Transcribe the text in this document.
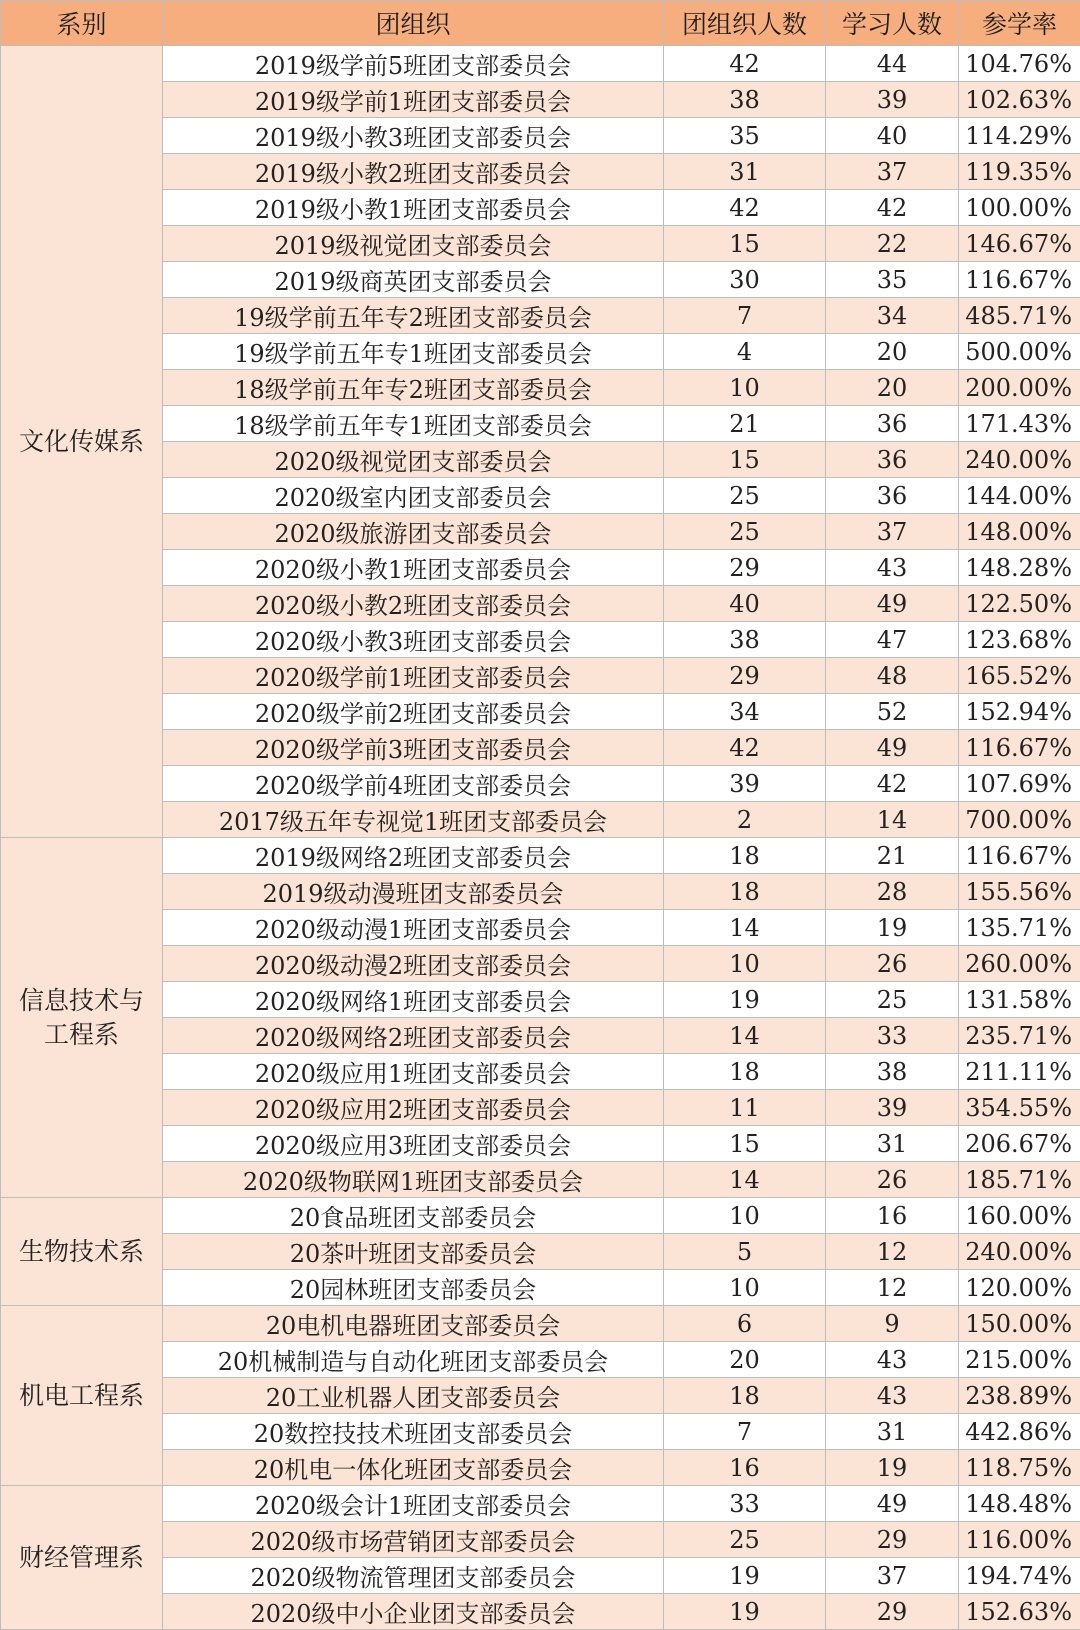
系别	团组织	团组织人数	学习人数	参学率
文化传媒系	2019级学前5班团支部委员会	42	44	104.76%
	2019级学前1班团支部委员会	38	39	102.63%
	2019级小教3班团支部委员会	35	40	114.29%
	2019级小教2班团支部委员会	31	37	119.35%
	2019级小教1班团支部委员会	42	42	100.00%
	2019级视觉团支部委员会	15	22	146.67%
	2019级商英团支部委员会	30	35	116.67%
	19级学前五年专2班团支部委员会	7	34	485.71%
	19级学前五年专1班团支部委员会	4	20	500.00%
	18级学前五年专2班团支部委员会	10	20	200.00%
	18级学前五年专1班团支部委员会	21	36	171.43%
	2020级视觉团支部委员会	15	36	240.00%
	2020级室内团支部委员会	25	36	144.00%
	2020级旅游团支部委员会	25	37	148.00%
	2020级小教1班团支部委员会	29	43	148.28%
	2020级小教2班团支部委员会	40	49	122.50%
	2020级小教3班团支部委员会	38	47	123.68%
	2020级学前1班团支部委员会	29	48	165.52%
	2020级学前2班团支部委员会	34	52	152.94%
	2020级学前3班团支部委员会	42	49	116.67%
	2020级学前4班团支部委员会	39	42	107.69%
	2017级五年专视觉1班团支部委员会	2	14	700.00%
信息技术与工程系	2019级网络2班团支部委员会	18	21	116.67%
	2019级动漫班团支部委员会	18	28	155.56%
	2020级动漫1班团支部委员会	14	19	135.71%
	2020级动漫2班团支部委员会	10	26	260.00%
	2020级网络1班团支部委员会	19	25	131.58%
	2020级网络2班团支部委员会	14	33	235.71%
	2020级应用1班团支部委员会	18	38	211.11%
	2020级应用2班团支部委员会	11	39	354.55%
	2020级应用3班团支部委员会	15	31	206.67%
	2020级物联网1班团支部委员会	14	26	185.71%
生物技术系	20食品班团支部委员会	10	16	160.00%
	20茶叶班团支部委员会	5	12	240.00%
	20园林班团支部委员会	10	12	120.00%
机电工程系	20电机电器班团支部委员会	6	9	150.00%
	20机械制造与自动化班团支部委员会	20	43	215.00%
	20工业机器人团支部委员会	18	43	238.89%
	20数控技技术班团支部委员会	7	31	442.86%
	20机电一体化班团支部委员会	16	19	118.75%
财经管理系	2020级会计1班团支部委员会	33	49	148.48%
	2020级市场营销团支部委员会	25	29	116.00%
	2020级物流管理团支部委员会	19	37	194.74%
	2020级中小企业团支部委员会	19	29	152.63%
